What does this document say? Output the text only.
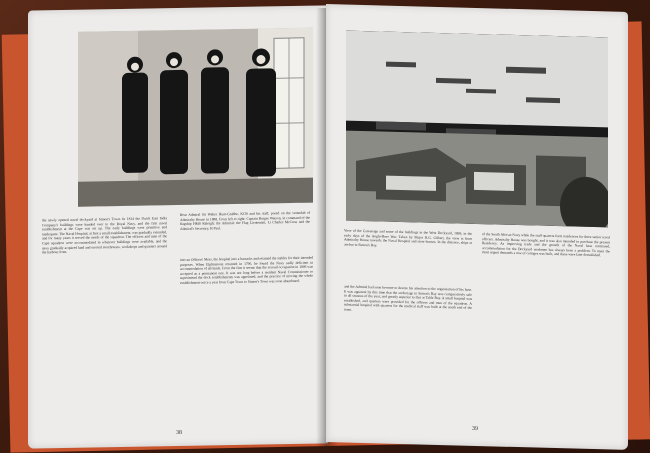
Rear Admiral Sir Walter Hunt-Grubbe, KCB and his staff, posed on the verandah of Admiralty House in 1888. From left to right: Captain Burges Watson, in command of the flagship HMS Raleigh; the Admiral; the Flag Lieutenant, Lt Charles McCrea; and the Admiral's Secretary, H Paul.
the newly opened naval dockyard at Simon's Town. In 1814 the Dutch East India Company's buildings were handed over to the Royal Navy, and the first naval establishment at the Cape was set up. The early buildings were primitive and inadequate. The Naval Hospital, at first a small establishment, was gradually extended, and for many years it served the needs of the squadron. The officers and men of the Cape squadron were accommodated in whatever buildings were available, and the navy gradually acquired land and erected storehouses, workshops and quarters around the harbour front.
into an Officers' Mess, the hospital into a barracks and retained the stables for their intended purposes. When Elphinstone returned in 1796, he found the Navy sadly deficient in accommodation of all kinds. From the first it seems that the second occupation in 1806 was accepted as a permanent one. It was not long before a resident Naval Commissioner to superintend the dock establishments was appointed, and the practice of moving the whole establishment twice a year from Cape Town to Simon's Town was soon abandoned.
38
View of the Careenage and some of the buildings in the West Dockyard, 1899, in the early days of the Anglo-Boer War. Taken by Major H.G. Gilbert, the view is from Admiralty House towards the Naval Hospital and store houses. In the distance, ships at anchor in Simon's Bay.
and the Admiral had soon become to devote his attention to the organisation of his base. It was apparent by this time that the anchorage in Simon's Bay was comparatively safe in all seasons of the year, and greatly superior to that at Table Bay. A small hospital was established, and quarters were provided for the officers and men of the squadron. A substantial hospital with quarters for the medical staff was built at the south end of the town.
of the South African Navy while the staff quarters form residences for three senior naval officers. Admiralty House was bought, and it was also intended to purchase the present Residency. As improving trade and the growth of the Naval base continued, accommodation for the Dockyard workmen has always been a problem. To meet the most urgent demands a row of cottages was built, and these were later demolished.
39
